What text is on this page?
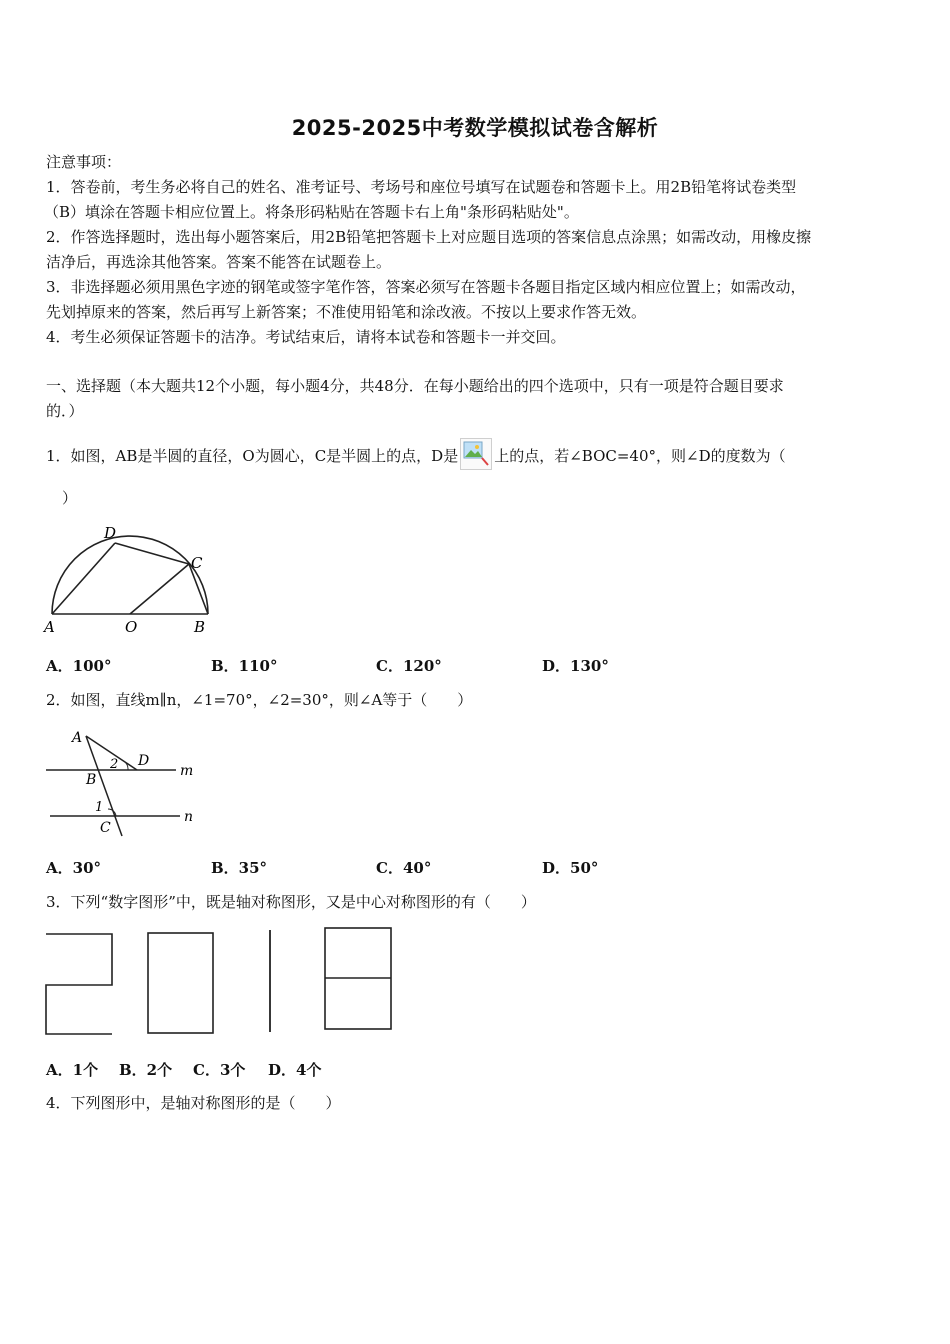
2025-2025中考数学模拟试卷含解析
注意事项：
1．答卷前，考生务必将自己的姓名、准考证号、考场号和座位号填写在试题卷和答题卡上。用2B铅笔将试卷类型
（B）填涂在答题卡相应位置上。将条形码粘贴在答题卡右上角"条形码粘贴处"。
2．作答选择题时，选出每小题答案后，用2B铅笔把答题卡上对应题目选项的答案信息点涂黑；如需改动，用橡皮擦
洁净后，再选涂其他答案。答案不能答在试题卷上。
3．非选择题必须用黑色字迹的钢笔或签字笔作答，答案必须写在答题卡各题目指定区域内相应位置上；如需改动，
先划掉原来的答案，然后再写上新答案；不准使用铅笔和涂改液。不按以上要求作答无效。
4．考生必须保证答题卡的洁净。考试结束后，请将本试卷和答题卡一并交回。
一、选择题（本大题共12个小题，每小题4分，共48分．在每小题给出的四个选项中，只有一项是符合题目要求
的．）
1．如图，AB是半圆的直径，O为圆心，C是半圆上的点，D是 上的点，若∠BOC=40°，则∠D的度数为（
）
D
C
A	O	B
A．100°	B．110°	C．120°	D．130°
2．如图，直线m∥n，∠1=70°，∠2=30°，则∠A等于（　　）
A
D
2	m
B
1
n
C
A．30°	B．35°	C．40°	D．50°
3．下列“数字图形”中，既是轴对称图形，又是中心对称图形的有（　　）
A．1个 B．2个 C．3个 D．4个
4．下列图形中，是轴对称图形的是（　　）
